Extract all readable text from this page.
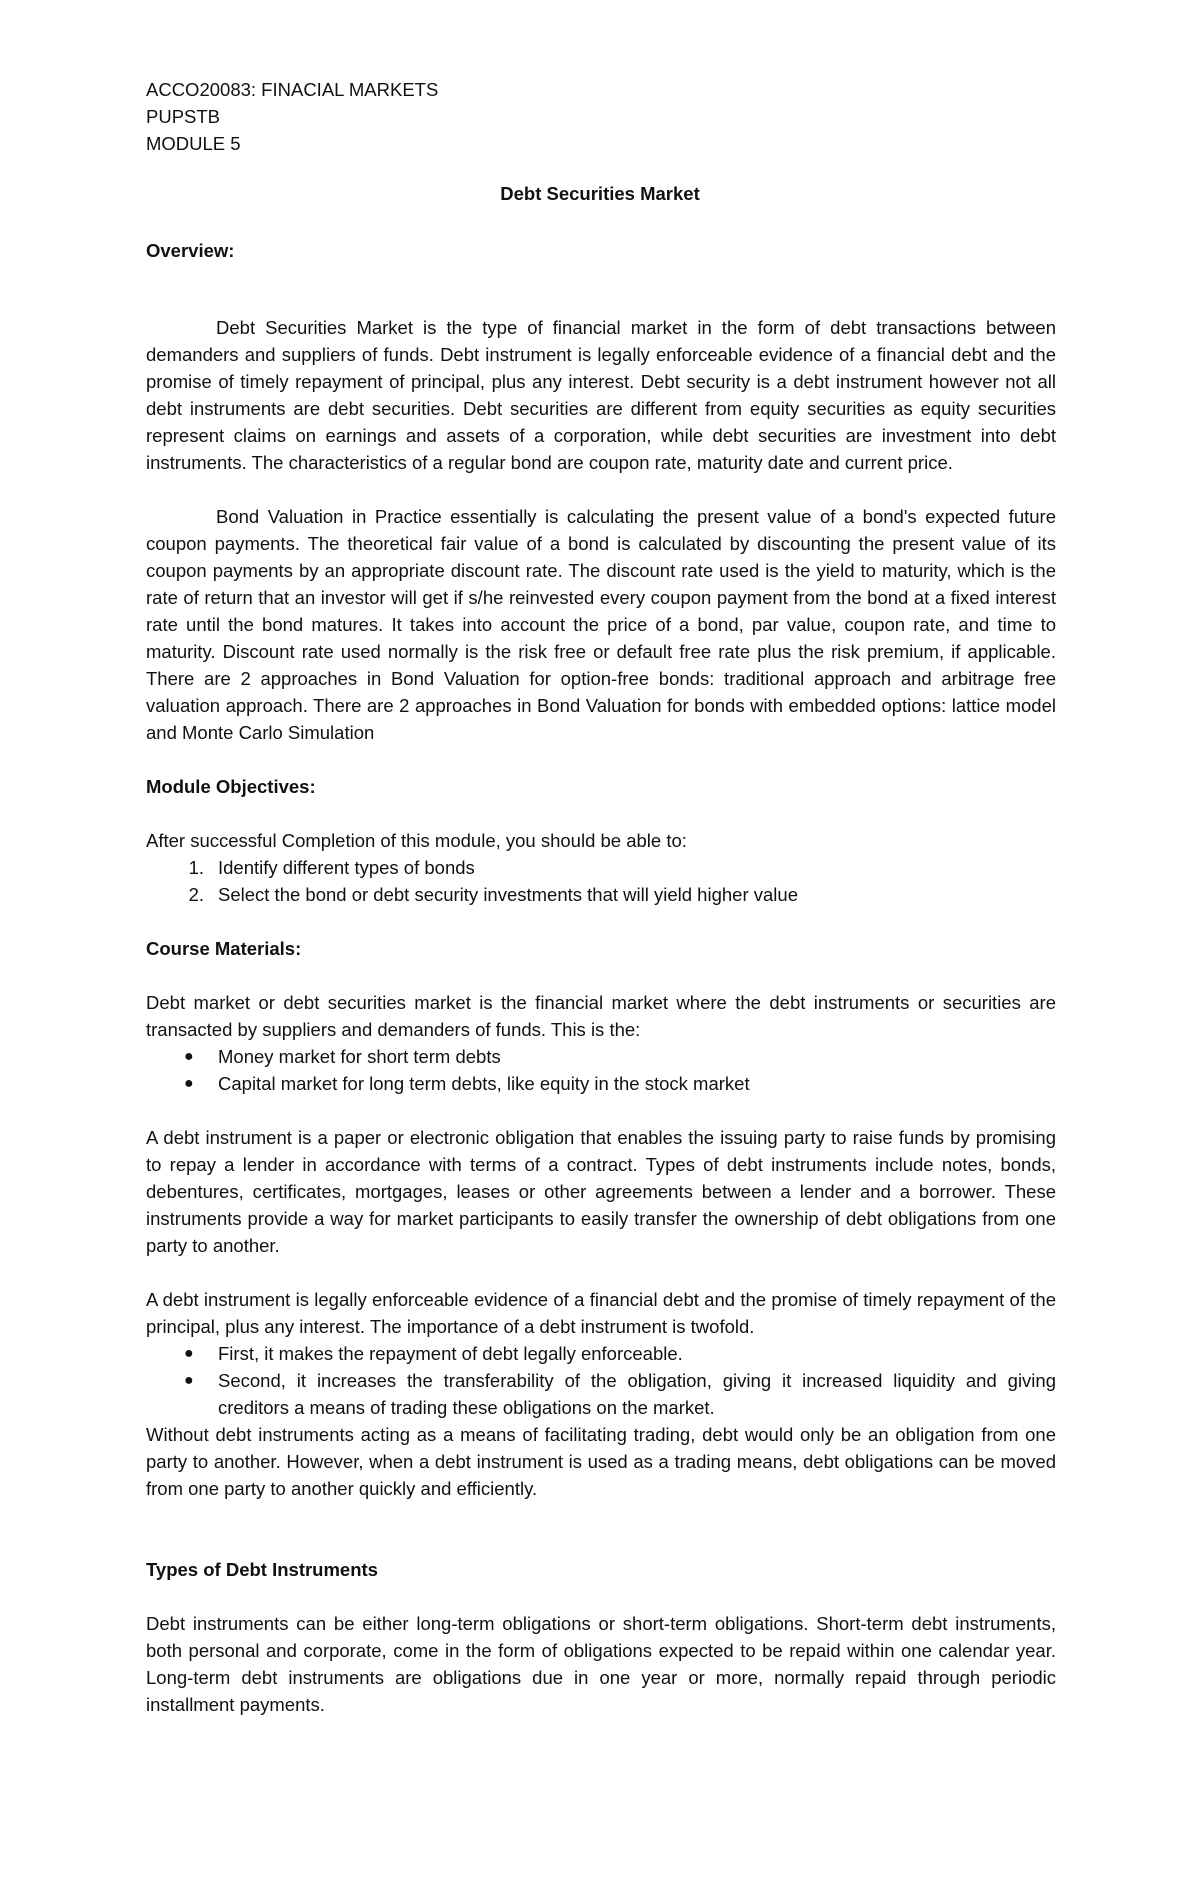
ACCO20083: FINACIAL MARKETS
PUPSTB
MODULE 5
Debt Securities Market
Overview:

Debt Securities Market is the type of financial market in the form of debt transactions between demanders and suppliers of funds. Debt instrument is legally enforceable evidence of a financial debt and the promise of timely repayment of principal, plus any interest. Debt security is a debt instrument however not all debt instruments are debt securities. Debt securities are different from equity securities as equity securities represent claims on earnings and assets of a corporation, while debt securities are investment into debt instruments. The characteristics of a regular bond are coupon rate, maturity date and current price.

Bond Valuation in Practice essentially is calculating the present value of a bond's expected future coupon payments. The theoretical fair value of a bond is calculated by discounting the present value of its coupon payments by an appropriate discount rate. The discount rate used is the yield to maturity, which is the rate of return that an investor will get if s/he reinvested every coupon payment from the bond at a fixed interest rate until the bond matures. It takes into account the price of a bond, par value, coupon rate, and time to maturity. Discount rate used normally is the risk free or default free rate plus the risk premium, if applicable. There are 2 approaches in Bond Valuation for option-free bonds: traditional approach and arbitrage free valuation approach. There are 2 approaches in Bond Valuation for bonds with embedded options: lattice model and Monte Carlo Simulation

Module Objectives:

After successful Completion of this module, you should be able to:

1. Identify different types of bonds
2. Select the bond or debt security investments that will yield higher value
Course Materials:

Debt market or debt securities market is the financial market where the debt instruments or securities are transacted by suppliers and demanders of funds. This is the:

●	Money market for short term debts
●	Capital market for long term debts, like equity in the stock market

A debt instrument is a paper or electronic obligation that enables the issuing party to raise funds by promising to repay a lender in accordance with terms of a contract. Types of debt instruments include notes, bonds, debentures, certificates, mortgages, leases or other agreements between a lender and a borrower. These instruments provide a way for market participants to easily transfer the ownership of debt obligations from one party to another.

A debt instrument is legally enforceable evidence of a financial debt and the promise of timely repayment of the principal, plus any interest. The importance of a debt instrument is twofold.

●	First, it makes the repayment of debt legally enforceable.
●	Second, it increases the transferability of the obligation, giving it increased liquidity and giving creditors a means of trading these obligations on the market.

Without debt instruments acting as a means of facilitating trading, debt would only be an obligation from one party to another. However, when a debt instrument is used as a trading means, debt obligations can be moved from one party to another quickly and efficiently.

Types of Debt Instruments

Debt instruments can be either long-term obligations or short-term obligations. Short-term debt instruments, both personal and corporate, come in the form of obligations expected to be repaid within one calendar year. Long-term debt instruments are obligations due in one year or more, normally repaid through periodic installment payments.
